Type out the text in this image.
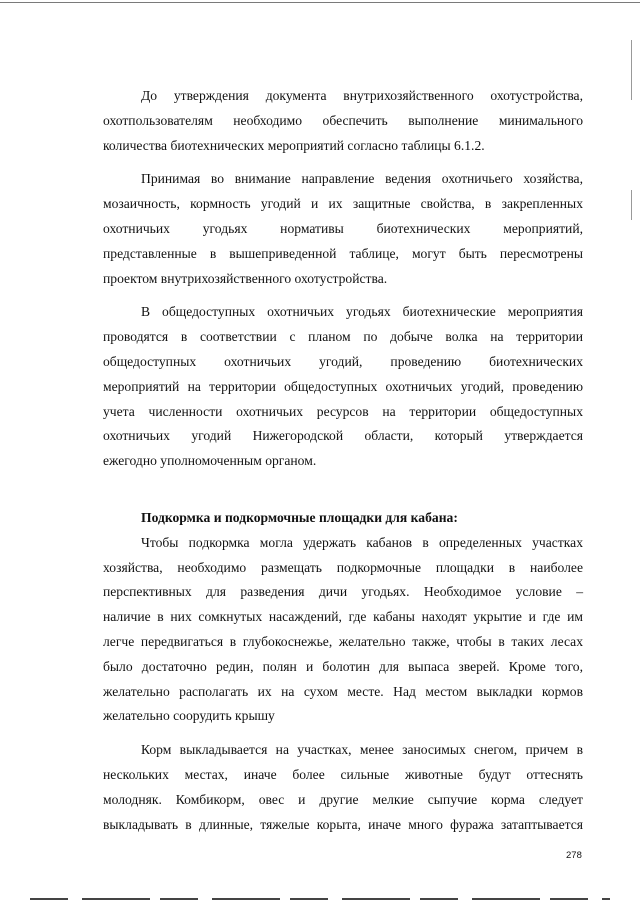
До утверждения документа внутрихозяйственного охотустройства,
охотпользователям необходимо обеспечить выполнение минимального
количества биотехнических мероприятий согласно таблицы 6.1.2.
Принимая во внимание направление ведения охотничьего хозяйства,
мозаичность, кормность угодий и их защитные свойства, в закрепленных
охотничьих угодьях нормативы биотехнических мероприятий,
представленные в вышеприведенной таблице, могут быть пересмотрены
проектом внутрихозяйственного охотустройства.
В общедоступных охотничьих угодьях биотехнические мероприятия
проводятся в соответствии с планом по добыче волка на территории
общедоступных охотничьих угодий, проведению биотехнических
мероприятий на территории общедоступных охотничьих угодий, проведению
учета численности охотничьих ресурсов на территории общедоступных
охотничьих угодий Нижегородской области, который утверждается
ежегодно уполномоченным органом.
Подкормка и подкормочные площадки для кабана:
Чтобы подкормка могла удержать кабанов в определенных участках
хозяйства, необходимо размещать подкормочные площадки в наиболее
перспективных для разведения дичи угодьях. Необходимое условие –
наличие в них сомкнутых насаждений, где кабаны находят укрытие и где им
легче передвигаться в глубокоснежье, желательно также, чтобы в таких лесах
было достаточно редин, полян и болотин для выпаса зверей. Кроме того,
желательно располагать их на сухом месте. Над местом выкладки кормов
желательно соорудить крышу
Корм выкладывается на участках, менее заносимых снегом, причем в
нескольких местах, иначе более сильные животные будут оттеснять
молодняк. Комбикорм, овес и другие мелкие сыпучие корма следует
выкладывать в длинные, тяжелые корыта, иначе много фуража затаптывается
278
